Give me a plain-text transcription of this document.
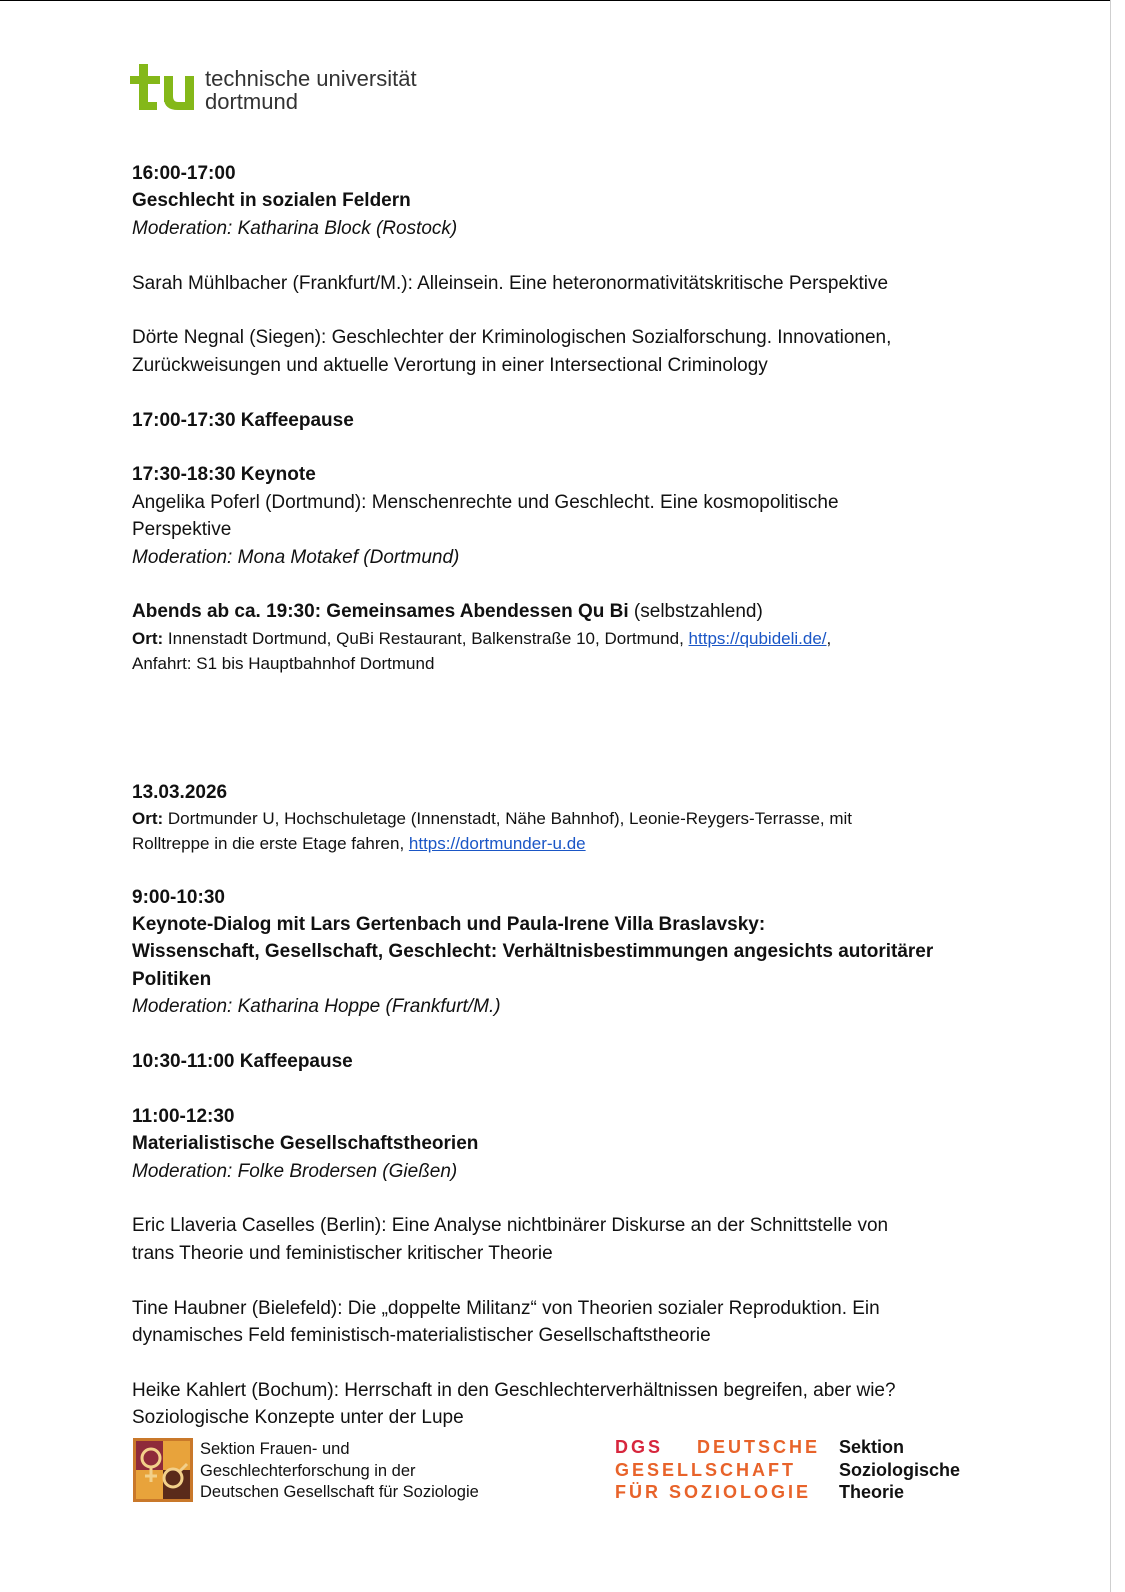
technische universität
dortmund

16:00-17:00

Geschlecht in sozialen Feldern

Moderation: Katharina Block (Rostock)

Sarah Mühlbacher (Frankfurt/M.): Alleinsein. Eine heteronormativitätskritische Perspektive

Dörte Negnal (Siegen): Geschlechter der Kriminologischen Sozialforschung. Innovationen,

Zurückweisungen und aktuelle Verortung in einer Intersectional Criminology

17:00-17:30 Kaffeepause

17:30-18:30 Keynote

Angelika Poferl (Dortmund): Menschenrechte und Geschlecht. Eine kosmopolitische

Perspektive

Moderation: Mona Motakef (Dortmund)

Abends ab ca. 19:30: Gemeinsames Abendessen Qu Bi (selbstzahlend)

Ort: Innenstadt Dortmund, QuBi Restaurant, Balkenstraße 10, Dortmund, https://qubideli.de/,

Anfahrt: S1 bis Hauptbahnhof Dortmund

13.03.2026

Ort: Dortmunder U, Hochschuletage (Innenstadt, Nähe Bahnhof), Leonie-Reygers-Terrasse, mit

Rolltreppe in die erste Etage fahren, https://dortmunder-u.de

9:00-10:30

Keynote-Dialog mit Lars Gertenbach und Paula-Irene Villa Braslavsky:

Wissenschaft, Gesellschaft, Geschlecht: Verhältnisbestimmungen angesichts autoritärer

Politiken

Moderation: Katharina Hoppe (Frankfurt/M.)

10:30-11:00 Kaffeepause

11:00-12:30

Materialistische Gesellschaftstheorien

Moderation: Folke Brodersen (Gießen)

Eric Llaveria Caselles (Berlin): Eine Analyse nichtbinärer Diskurse an der Schnittstelle von

trans Theorie und feministischer kritischer Theorie

Tine Haubner (Bielefeld): Die „doppelte Militanz“ von Theorien sozialer Reproduktion. Ein

dynamisches Feld feministisch-materialistischer Gesellschaftstheorie

Heike Kahlert (Bochum): Herrschaft in den Geschlechterverhältnissen begreifen, aber wie?

Soziologische Konzepte unter der Lupe

Sektion Frauen- und
Geschlechterforschung in der
Deutschen Gesellschaft für Soziologie
DGS DEUTSCHE Sektion
GESELLSCHAFT Soziologische
FÜR SOZIOLOGIE Theorie
